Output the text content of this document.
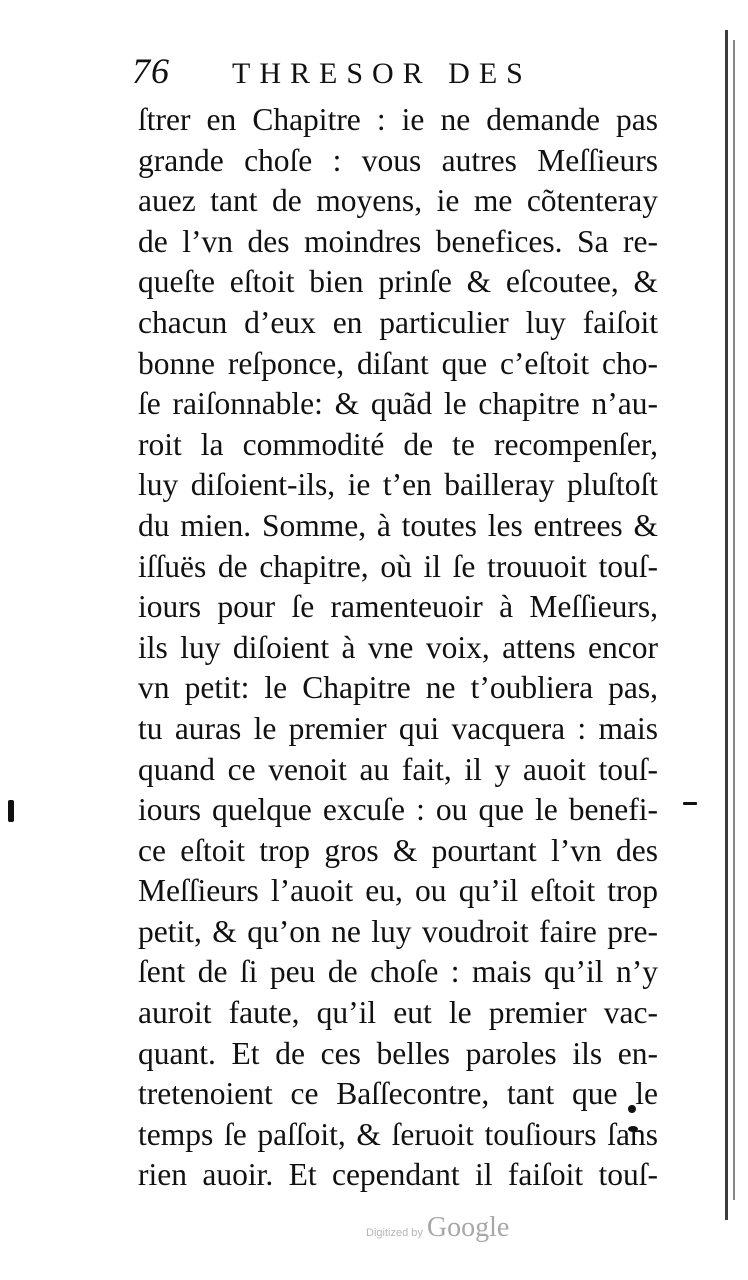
76	THRESOR DES
ſtrer en Chapitre : ie ne demande pas
grande choſe : vous autres Meſſieurs
auez tant de moyens, ie me cõtenteray
de l’vn des moindres benefices. Sa re-
queſte eſtoit bien prinſe & eſcoutee, &
chacun d’eux en particulier luy faiſoit
bonne reſponce, diſant que c’eſtoit cho-
ſe raiſonnable: & quãd le chapitre n’au-
roit la commodité de te recompenſer,
luy diſoient-ils, ie t’en bailleray pluſtoſt
du mien. Somme, à toutes les entrees &
iſſuës de chapitre, où il ſe trouuoit touſ-
iours pour ſe ramenteuoir à Meſſieurs,
ils luy diſoient à vne voix, attens encor
vn petit: le Chapitre ne t’oubliera pas,
tu auras le premier qui vacquera : mais
quand ce venoit au fait, il y auoit touſ-
iours quelque excuſe : ou que le benefi-
ce eſtoit trop gros & pourtant l’vn des
Meſſieurs l’auoit eu, ou qu’il eſtoit trop
petit, & qu’on ne luy voudroit faire pre-
ſent de ſi peu de choſe : mais qu’il n’y
auroit faute, qu’il eut le premier vac-
quant. Et de ces belles paroles ils en-
tretenoient ce Baſſecontre, tant que le
temps ſe paſſoit, & ſeruoit touſiours ſans
rien auoir. Et cependant il faiſoit touſ-
Digitized by Google
